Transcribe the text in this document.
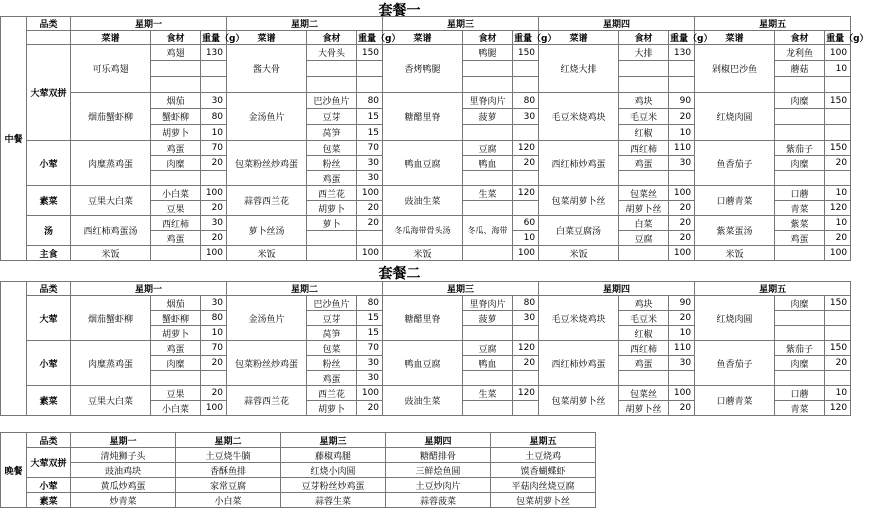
套餐一
中餐	品类	星期一			星期二			星期三			星期四			星期五		
		菜谱	食材	重量（g）	菜谱	食材	重量（g）	菜谱	食材	重量（g）	菜谱	食材	重量（g）	菜谱	食材	重量（g）
	大荤双拼	可乐鸡翅	鸡翅	130	酱大骨	大骨头	150	香烤鸭腿	鸭腿	150	红烧大排	大排	130	剁椒巴沙鱼	龙利鱼	100
															蘑菇	10

		烟茄蟹虾柳	烟茄	30	金汤鱼片	巴沙鱼片	80	糖醋里脊	里脊肉片	80	毛豆米烧鸡块	鸡块	90	红烧肉圆	肉糜	150
			蟹虾柳	80		豆芽	15		菠萝	30		毛豆米	20			
			胡萝卜	10		莴笋	15					红椒	10			
	小荤	肉糜蒸鸡蛋	鸡蛋	70	包菜粉丝炒鸡蛋	包菜	70	鸭血豆腐	豆腐	120	西红柿炒鸡蛋	西红柿	110	鱼香茄子	紫茄子	150
			肉糜	20		粉丝	30		鸭血	20		鸡蛋	30		肉糜	20
						鸡蛋	30									
	素菜	豆果大白菜	小白菜	100	蒜蓉西兰花	西兰花	100	豉油生菜	生菜	120	包菜胡萝卜丝	包菜丝	100	口蘑青菜	口蘑	10
			豆果	20		胡萝卜	20					胡萝卜丝	20		青菜	120
	汤	西红柿鸡蛋汤	西红柿	30	萝卜丝汤	萝卜	20	冬瓜海带骨头汤	冬瓜、海带	60	白菜豆腐汤	白菜	20	紫菜蛋汤	紫菜	10
			鸡蛋	20						10		豆腐	20		鸡蛋	20
	主食	米饭		100	米饭		100	米饭		100	米饭		100	米饭		100
套餐二
	品类	星期一			星期二			星期三			星期四			星期五		
	大荤	烟茄蟹虾柳	烟茄	30	金汤鱼片	巴沙鱼片	80	糖醋里脊	里脊肉片	80	毛豆米烧鸡块	鸡块	90	红烧肉圆	肉糜	150
			蟹虾柳	80		豆芽	15		菠萝	30		毛豆米	20			
			胡萝卜	10		莴笋	15					红椒	10			
	小荤	肉糜蒸鸡蛋	鸡蛋	70	包菜粉丝炒鸡蛋	包菜	70	鸭血豆腐	豆腐	120	西红柿炒鸡蛋	西红柿	110	鱼香茄子	紫茄子	150
			肉糜	20		粉丝	30		鸭血	20		鸡蛋	30		肉糜	20
						鸡蛋	30									
	素菜	豆果大白菜	豆果	20	蒜蓉西兰花	西兰花	100	豉油生菜	生菜	120	包菜胡萝卜丝	包菜丝	100	口蘑青菜	口蘑	10
			小白菜	100		胡萝卜	20					胡萝卜丝	20		青菜	120
晚餐	品类	星期一	星期二	星期三	星期四	星期五
	大荤双拼	清炖狮子头	土豆烧牛腩	藤椒鸡腿	糖醋排骨	土豆烧鸡
		豉油鸡块	香酥鱼排	红烧小肉圆	三鲜烩鱼圆	馍香蝴蝶虾
	小荤	黄瓜炒鸡蛋	家常豆腐	豆芽粉丝炒鸡蛋	土豆炒肉片	平菇肉丝烧豆腐
	素菜	炒青菜	小白菜	蒜蓉生菜	蒜蓉菠菜	包菜胡萝卜丝
